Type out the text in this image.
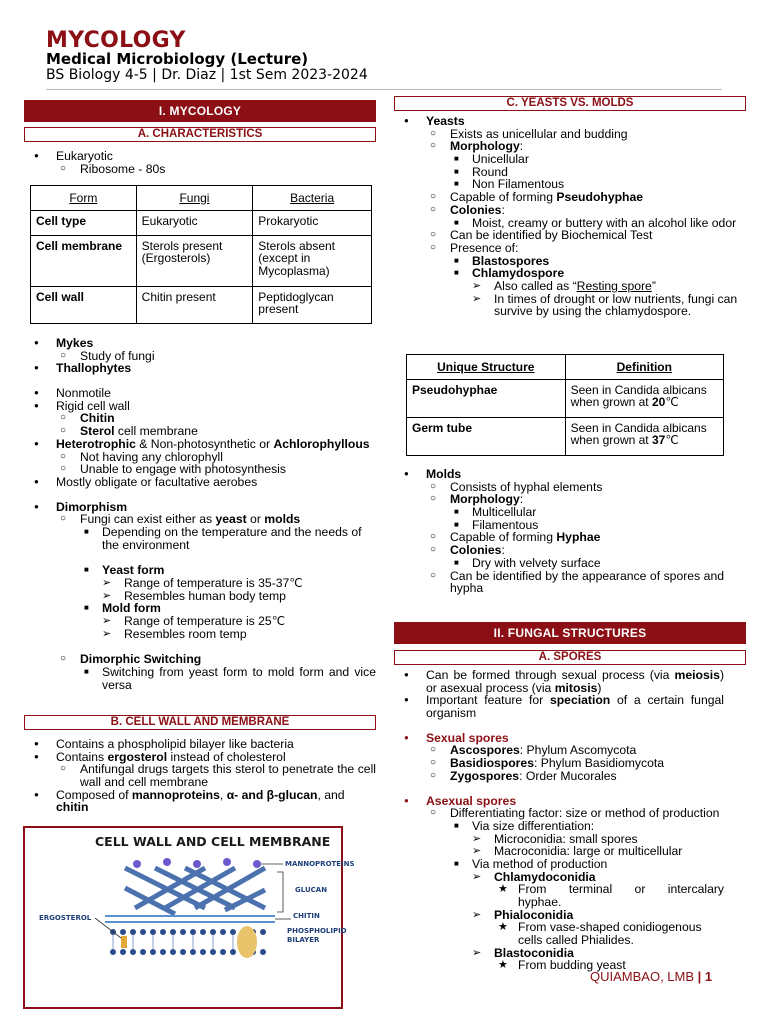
MYCOLOGY
Medical Microbiology (Lecture)
BS Biology 4-5 | Dr. Diaz | 1st Sem 2023-2024
I. MYCOLOGY
A. CHARACTERISTICS
● Eukaryotic
○ Ribosome - 80s
Form	Fungi	Bacteria
Cell type	Eukaryotic	Prokaryotic
Cell membrane	Sterols present (Ergosterols)	Sterols absent (except in Mycoplasma)
Cell wall	Chitin present	Peptidoglycan present
● Mykes
○ Study of fungi
● Thallophytes
● Nonmotile
● Rigid cell wall
○ Chitin
○ Sterol cell membrane
● Heterotrophic & Non-photosynthetic or Achlorophyllous
○ Not having any chlorophyll
○ Unable to engage with photosynthesis
● Mostly obligate or facultative aerobes
● Dimorphism
○ Fungi can exist either as yeast or molds
■ Depending on the temperature and the needs of the environment
■ Yeast form
➢ Range of temperature is 35-37℃
➢ Resembles human body temp
■ Mold form
➢ Range of temperature is 25℃
➢ Resembles room temp
○ Dimorphic Switching
■ Switching from yeast form to mold form and vice versa
B. CELL WALL AND MEMBRANE
● Contains a phospholipid bilayer like bacteria
● Contains ergosterol instead of cholesterol
○ Antifungal drugs targets this sterol to penetrate the cell wall and cell membrane
● Composed of mannoproteins, α- and β-glucan, and chitin
CELL WALL AND CELL MEMBRANE
MANNOPROTEINS
GLUCAN
CHITIN
PHOSPHOLIPID
BILAYER
ERGOSTEROL
C. YEASTS VS. MOLDS
● Yeasts
○ Exists as unicellular and budding
○ Morphology:
■ Unicellular
■ Round
■ Non Filamentous
○ Capable of forming Pseudohyphae
○ Colonies:
■ Moist, creamy or buttery with an alcohol like odor
○ Can be identified by Biochemical Test
○ Presence of:
■ Blastospores
■ Chlamydospore
➢ Also called as “Resting spore”
➢ In times of drought or low nutrients, fungi can survive by using the chlamydospore.
Unique Structure	Definition
Pseudohyphae	Seen in Candida albicans when grown at 20℃
Germ tube	Seen in Candida albicans when grown at 37℃
● Molds
○ Consists of hyphal elements
○ Morphology:
■ Multicellular
■ Filamentous
○ Capable of forming Hyphae
○ Colonies:
■ Dry with velvety surface
○ Can be identified by the appearance of spores and hypha
II. FUNGAL STRUCTURES
A. SPORES
● Can be formed through sexual process (via meiosis) or asexual process (via mitosis)
● Important feature for speciation of a certain fungal organism
● Sexual spores
○ Ascospores: Phylum Ascomycota
○ Basidiospores: Phylum Basidiomycota
○ Zygospores: Order Mucorales
● Asexual spores
○ Differentiating factor: size or method of production
■ Via size differentiation:
➢ Microconidia: small spores
➢ Macroconidia: large or multicellular
■ Via method of production
➢ Chlamydoconidia
★ From terminal or intercalary hyphae.
➢ Phialoconidia
★ From vase-shaped conidiogenous cells called Phialides.
➢ Blastoconidia
★ From budding yeast
QUIAMBAO, LMB | 1
